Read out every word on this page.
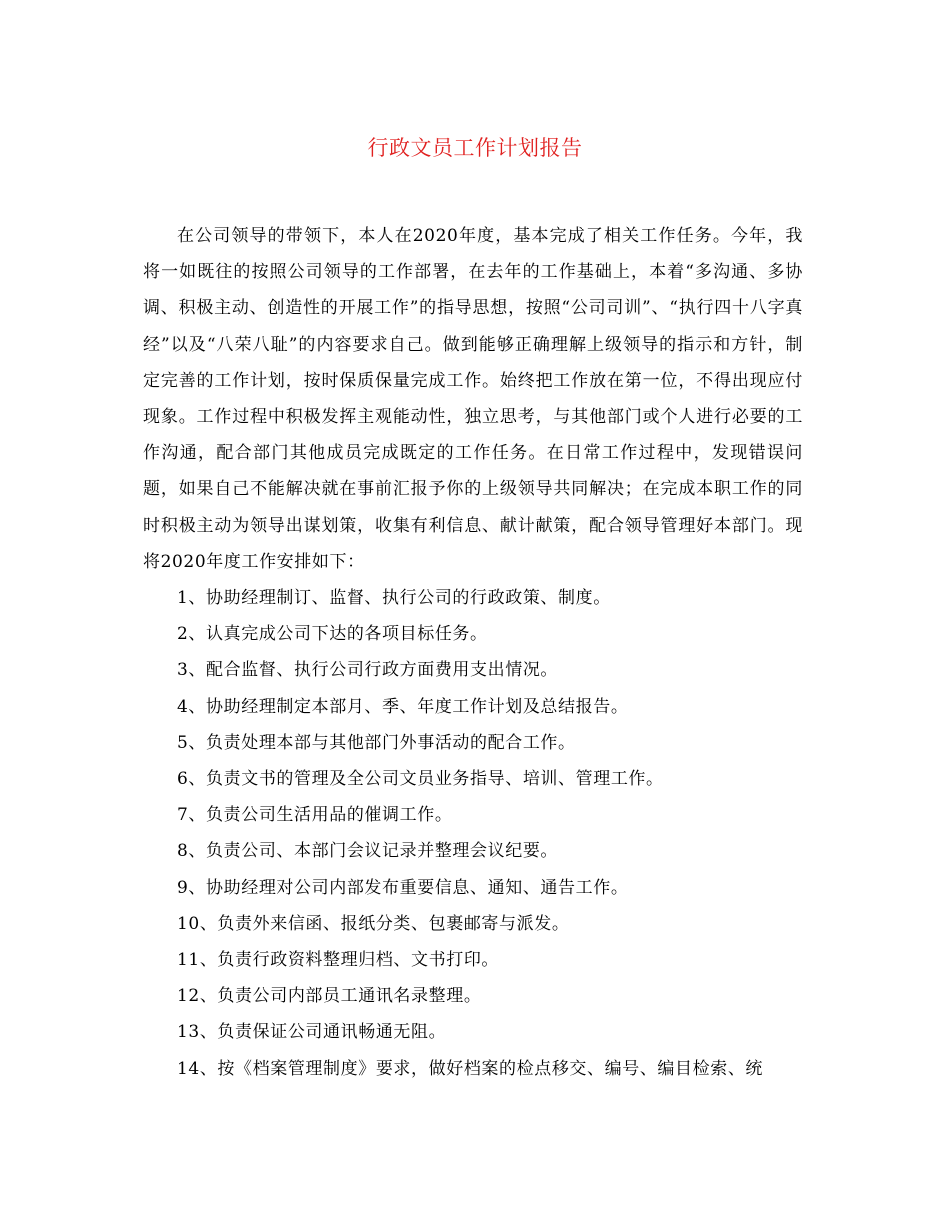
行政文员工作计划报告

在公司领导的带领下，本人在2020年度，基本完成了相关工作任务。今年，我将一如既往的按照公司领导的工作部署，在去年的工作基础上，本着“多沟通、多协调、积极主动、创造性的开展工作”的指导思想，按照“公司司训”、“执行四十八字真经”以及“八荣八耻”的内容要求自己。做到能够正确理解上级领导的指示和方针，制定完善的工作计划，按时保质保量完成工作。始终把工作放在第一位，不得出现应付现象。工作过程中积极发挥主观能动性，独立思考，与其他部门或个人进行必要的工作沟通，配合部门其他成员完成既定的工作任务。在日常工作过程中，发现错误问题，如果自己不能解决就在事前汇报予你的上级领导共同解决；在完成本职工作的同时积极主动为领导出谋划策，收集有利信息、献计献策，配合领导管理好本部门。现将2020年度工作安排如下：

1、协助经理制订、监督、执行公司的行政政策、制度。
2、认真完成公司下达的各项目标任务。
3、配合监督、执行公司行政方面费用支出情况。
4、协助经理制定本部月、季、年度工作计划及总结报告。
5、负责处理本部与其他部门外事活动的配合工作。
6、负责文书的管理及全公司文员业务指导、培训、管理工作。
7、负责公司生活用品的催调工作。
8、负责公司、本部门会议记录并整理会议纪要。
9、协助经理对公司内部发布重要信息、通知、通告工作。
10、负责外来信函、报纸分类、包裹邮寄与派发。
11、负责行政资料整理归档、文书打印。
12、负责公司内部员工通讯名录整理。
13、负责保证公司通讯畅通无阻。
14、按《档案管理制度》要求，做好档案的检点移交、编号、编目检索、统
